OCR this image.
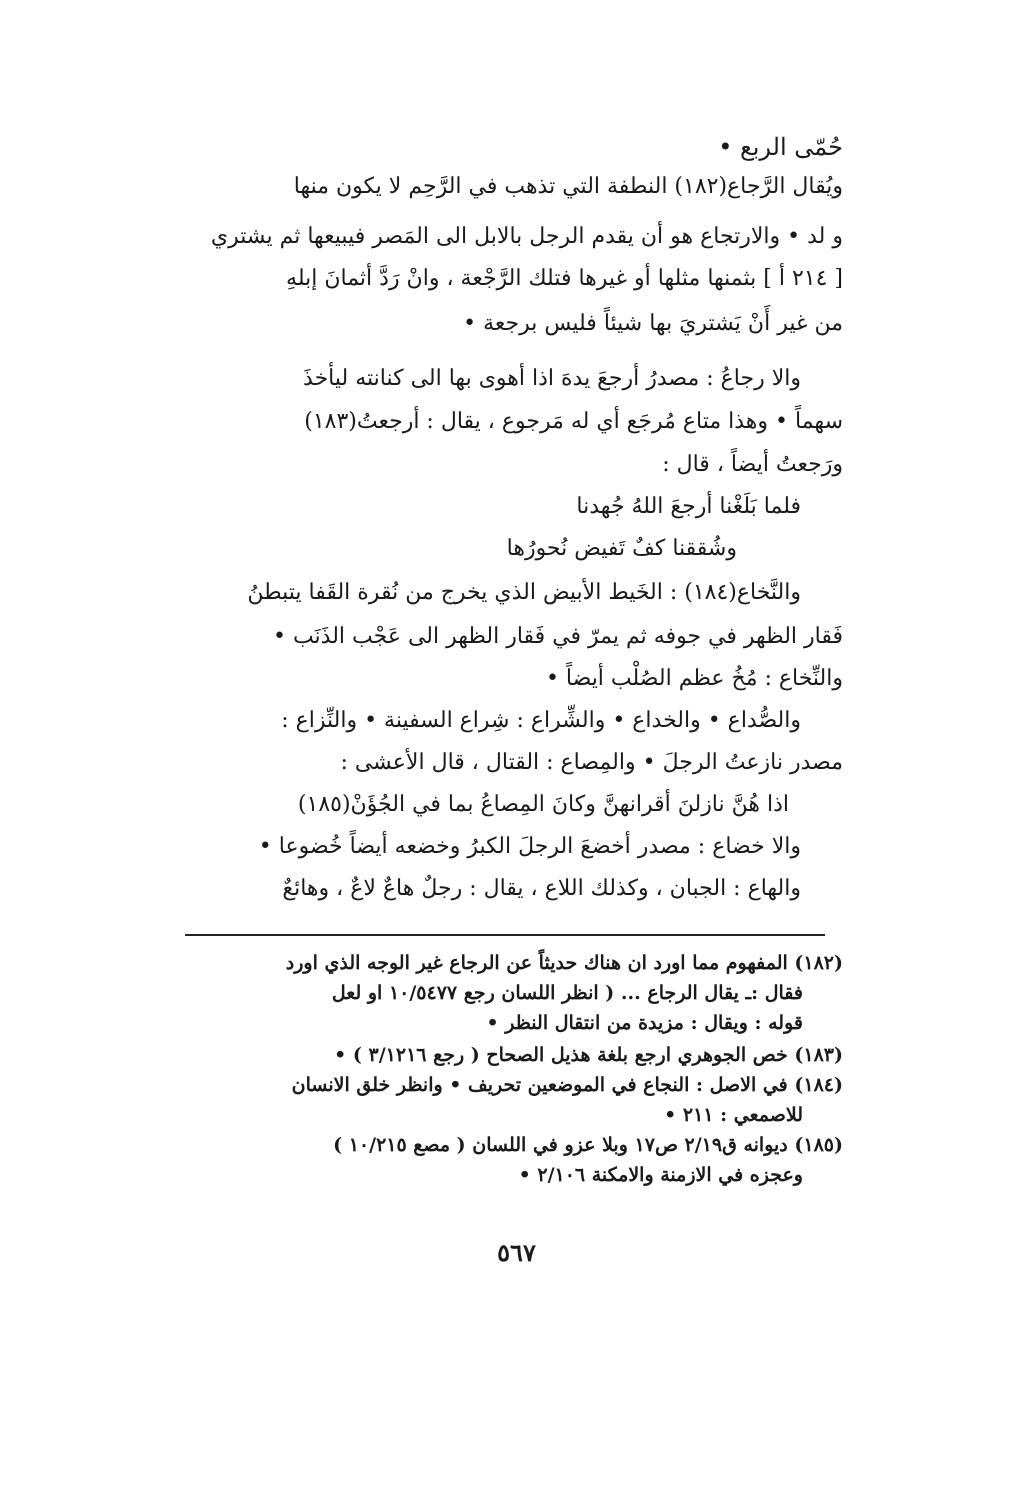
حُمّى الربع •
ويُقال الرَّجاع(١٨٢) النطفة التي تذهب في الرَّحِم لا يكون منها
و لد • والارتجاع هو أن يقدم الرجل بالابل الى المَصر فيبيعها ثم يشتري
[ ٢١٤ أ ] بثمنها مثلها أو غيرها فتلك الرَّجْعة ، وانْ رَدَّ أثمانَ إبلهِ
من غير أَنْ يَشتريَ بها شيئاً فليس برجعة •
والا رجاعُ : مصدرُ أرجعَ يدهَ اذا أهوى بها الى كنانته ليأخذَ
سهماً • وهذا متاع مُرجَع أي له مَرجوع ، يقال : أرجعتُ(١٨٣)
ورَجعتُ أيضاً ، قال :
فلما بَلَغْنا أرجعَ اللهُ جُهدنا
وشُققنا كفٌ تَفيض نُحورُها
والنَّخاع(١٨٤) : الخَيط الأبيض الذي يخرج من نُقرة القَفا يتبطنُ
فَقار الظهر في جوفه ثم يمرّ في فَقار الظهر الى عَجْب الذَنَب •
والنِّخاع : مُخُ عظم الصُلْب أيضاً •
والصُّداع • والخداع • والشِّراع : شِراع السفينة • والنِّزاع :
مصدر نازعتُ الرجلَ • والمِصاع : القتال ، قال الأعشى :
اذا هُنَّ نازلنَ أقرانهنَّ وكانَ المِصاعُ بما في الجُؤَنْ(١٨٥)
والا خضاع : مصدر أخضعَ الرجلَ الكبرُ وخضعه أيضاً خُضوعا •
والهاع : الجبان ، وكذلك اللاع ، يقال : رجلٌ هاعٌ لاعٌ ، وهائعٌ
(١٨٢) المفهوم مما اورد ان هناك حديثاً عن الرجاع غير الوجه الذي اورد
فقال :ـ يقال الرجاع ... ( انظر اللسان رجع ١٠/٥٤٧٧ او لعل
قوله : ويقال : مزيدة من انتقال النظر •
(١٨٣) خص الجوهري ارجع بلغة هذيل الصحاح ( رجع ٣/١٢١٦ ) •
(١٨٤) في الاصل : النجاع في الموضعين تحريف • وانظر خلق الانسان
للاصمعي : ٢١١ •
(١٨٥) ديوانه ق٢/١٩ ص١٧ وبلا عزو في اللسان ( مصع ١٠/٢١٥ )
وعجزه في الازمنة والامكنة ٢/١٠٦ •
٥٦٧
